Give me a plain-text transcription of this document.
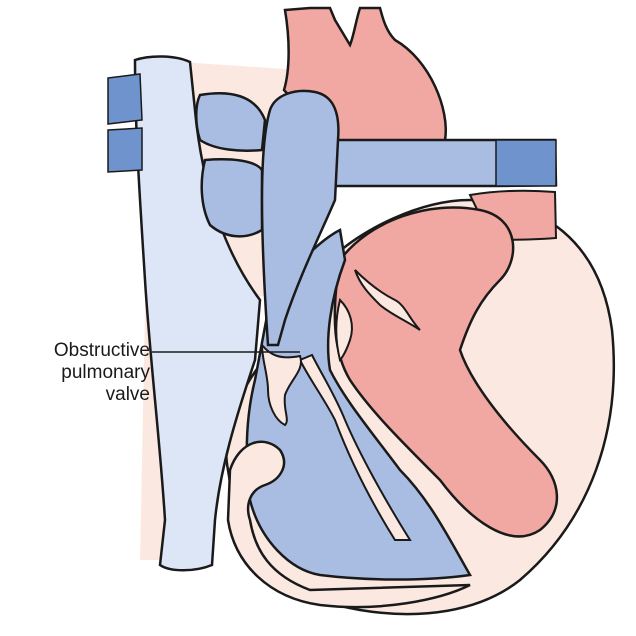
Obstructive
pulmonary
valve
